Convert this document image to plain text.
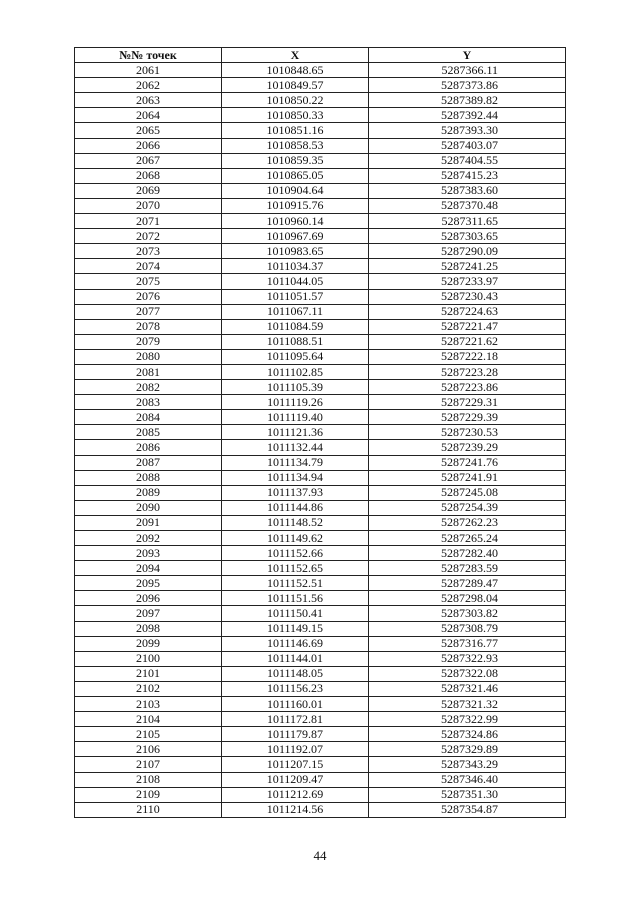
№№ точек	X	Y
2061	1010848.65	5287366.11
2062	1010849.57	5287373.86
2063	1010850.22	5287389.82
2064	1010850.33	5287392.44
2065	1010851.16	5287393.30
2066	1010858.53	5287403.07
2067	1010859.35	5287404.55
2068	1010865.05	5287415.23
2069	1010904.64	5287383.60
2070	1010915.76	5287370.48
2071	1010960.14	5287311.65
2072	1010967.69	5287303.65
2073	1010983.65	5287290.09
2074	1011034.37	5287241.25
2075	1011044.05	5287233.97
2076	1011051.57	5287230.43
2077	1011067.11	5287224.63
2078	1011084.59	5287221.47
2079	1011088.51	5287221.62
2080	1011095.64	5287222.18
2081	1011102.85	5287223.28
2082	1011105.39	5287223.86
2083	1011119.26	5287229.31
2084	1011119.40	5287229.39
2085	1011121.36	5287230.53
2086	1011132.44	5287239.29
2087	1011134.79	5287241.76
2088	1011134.94	5287241.91
2089	1011137.93	5287245.08
2090	1011144.86	5287254.39
2091	1011148.52	5287262.23
2092	1011149.62	5287265.24
2093	1011152.66	5287282.40
2094	1011152.65	5287283.59
2095	1011152.51	5287289.47
2096	1011151.56	5287298.04
2097	1011150.41	5287303.82
2098	1011149.15	5287308.79
2099	1011146.69	5287316.77
2100	1011144.01	5287322.93
2101	1011148.05	5287322.08
2102	1011156.23	5287321.46
2103	1011160.01	5287321.32
2104	1011172.81	5287322.99
2105	1011179.87	5287324.86
2106	1011192.07	5287329.89
2107	1011207.15	5287343.29
2108	1011209.47	5287346.40
2109	1011212.69	5287351.30
2110	1011214.56	5287354.87
44
